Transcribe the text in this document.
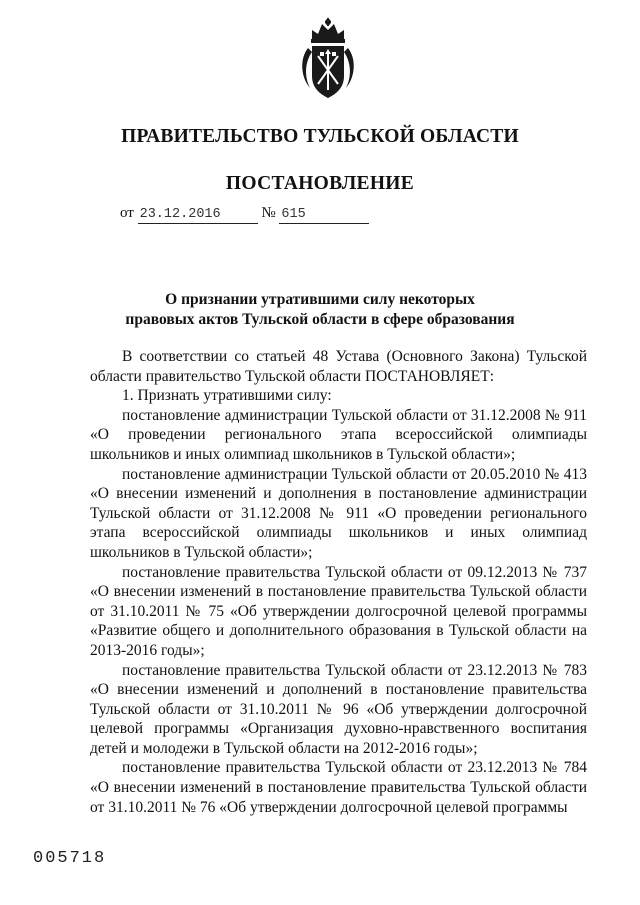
ПРАВИТЕЛЬСТВО ТУЛЬСКОЙ ОБЛАСТИ
ПОСТАНОВЛЕНИЕ
от 23.12.2016	№ 615
О признании утратившими силу некоторых
правовых актов Тульской области в сфере образования

В соответствии со статьей 48 Устава (Основного Закона) Тульской области правительство Тульской области ПОСТАНОВЛЯЕТ:

1. Признать утратившими силу:

постановление администрации Тульской области от 31.12.2008 № 911 «О проведении регионального этапа всероссийской олимпиады школьников и иных олимпиад школьников в Тульской области»;

постановление администрации Тульской области от 20.05.2010 № 413 «О внесении изменений и дополнения в постановление администрации Тульской области от 31.12.2008 № 911 «О проведении регионального этапа всероссийской олимпиады школьников и иных олимпиад школьников в Тульской области»;

постановление правительства Тульской области от 09.12.2013 № 737 «О внесении изменений в постановление правительства Тульской области от 31.10.2011 № 75 «Об утверждении долгосрочной целевой программы «Развитие общего и дополнительного образования в Тульской области на 2013-2016 годы»;

постановление правительства Тульской области от 23.12.2013 № 783 «О внесении изменений и дополнений в постановление правительства Тульской области от 31.10.2011 № 96 «Об утверждении долгосрочной целевой программы «Организация духовно-нравственного воспитания детей и молодежи в Тульской области на 2012-2016 годы»;

постановление правительства Тульской области от 23.12.2013 № 784 «О внесении изменений в постановление правительства Тульской области от 31.10.2011 № 76 «Об утверждении долгосрочной целевой программы

005718
